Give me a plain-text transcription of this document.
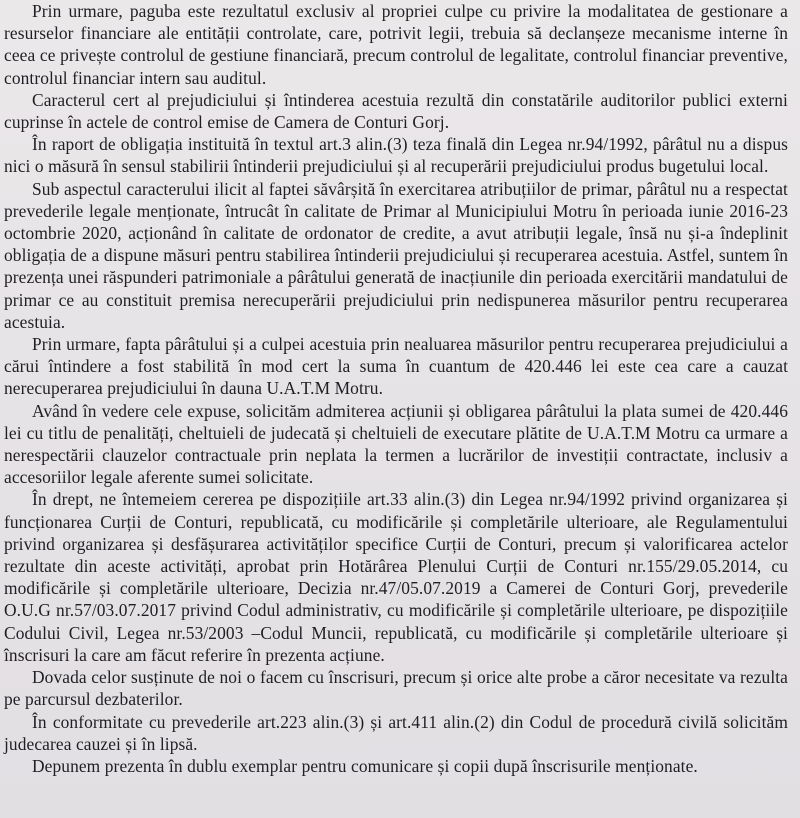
Prin urmare, paguba este rezultatul exclusiv al propriei culpe cu privire la modalitatea de gestionare a resurselor financiare ale entității controlate, care, potrivit legii, trebuia să declanșeze mecanisme interne în ceea ce privește controlul de gestiune financiară, precum controlul de legalitate, controlul financiar preventive, controlul financiar intern sau auditul.

Caracterul cert al prejudiciului și întinderea acestuia rezultă din constatările auditorilor publici externi cuprinse în actele de control emise de Camera de Conturi Gorj.

În raport de obligația instituită în textul art.3 alin.(3) teza finală din Legea nr.94/1992, pârâtul nu a dispus nici o măsură în sensul stabilirii întinderii prejudiciului și al recuperării prejudiciului produs bugetului local.

Sub aspectul caracterului ilicit al faptei săvârșită în exercitarea atribuțiilor de primar, pârâtul nu a respectat prevederile legale menționate, întrucât în calitate de Primar al Municipiului Motru în perioada iunie 2016-23 octombrie 2020, acționând în calitate de ordonator de credite, a avut atribuții legale, însă nu și-a îndeplinit obligația de a dispune măsuri pentru stabilirea întinderii prejudiciului și recuperarea acestuia. Astfel, suntem în prezența unei răspunderi patrimoniale a pârâtului generată de inacțiunile din perioada exercitării mandatului de primar ce au constituit premisa nerecuperării prejudiciului prin nedispunerea măsurilor pentru recuperarea acestuia.

Prin urmare, fapta pârâtului și a culpei acestuia prin nealuarea măsurilor pentru recuperarea prejudiciului a cărui întindere a fost stabilită în mod cert la suma în cuantum de 420.446 lei este cea care a cauzat nerecuperarea prejudiciului în dauna U.A.T.M Motru.

Având în vedere cele expuse, solicităm admiterea acțiunii și obligarea pârâtului la plata sumei de 420.446 lei cu titlu de penalități, cheltuieli de judecată și cheltuieli de executare plătite de U.A.T.M Motru ca urmare a nerespectării clauzelor contractuale prin neplata la termen a lucrărilor de investiții contractate, inclusiv a accesoriilor legale aferente sumei solicitate.

În drept, ne întemeiem cererea pe dispozițiile art.33 alin.(3) din Legea nr.94/1992 privind organizarea și funcționarea Curții de Conturi, republicată, cu modificările și completările ulterioare, ale Regulamentului privind organizarea și desfășurarea activităților specifice Curții de Conturi, precum și valorificarea actelor rezultate din aceste activități, aprobat prin Hotărârea Plenului Curții de Conturi nr.155/29.05.2014, cu modificările și completările ulterioare, Decizia nr.47/05.07.2019 a Camerei de Conturi Gorj, prevederile O.U.G nr.57/03.07.2017 privind Codul administrativ, cu modificările și completările ulterioare, pe dispozițiile Codului Civil, Legea nr.53/2003 –Codul Muncii, republicată, cu modificările și completările ulterioare și înscrisuri la care am făcut referire în prezenta acțiune.

Dovada celor susținute de noi o facem cu înscrisuri, precum și orice alte probe a căror necesitate va rezulta pe parcursul dezbaterilor.

În conformitate cu prevederile art.223 alin.(3) și art.411 alin.(2) din Codul de procedură civilă solicităm judecarea cauzei și în lipsă.

Depunem prezenta în dublu exemplar pentru comunicare și copii după înscrisurile menționate.
